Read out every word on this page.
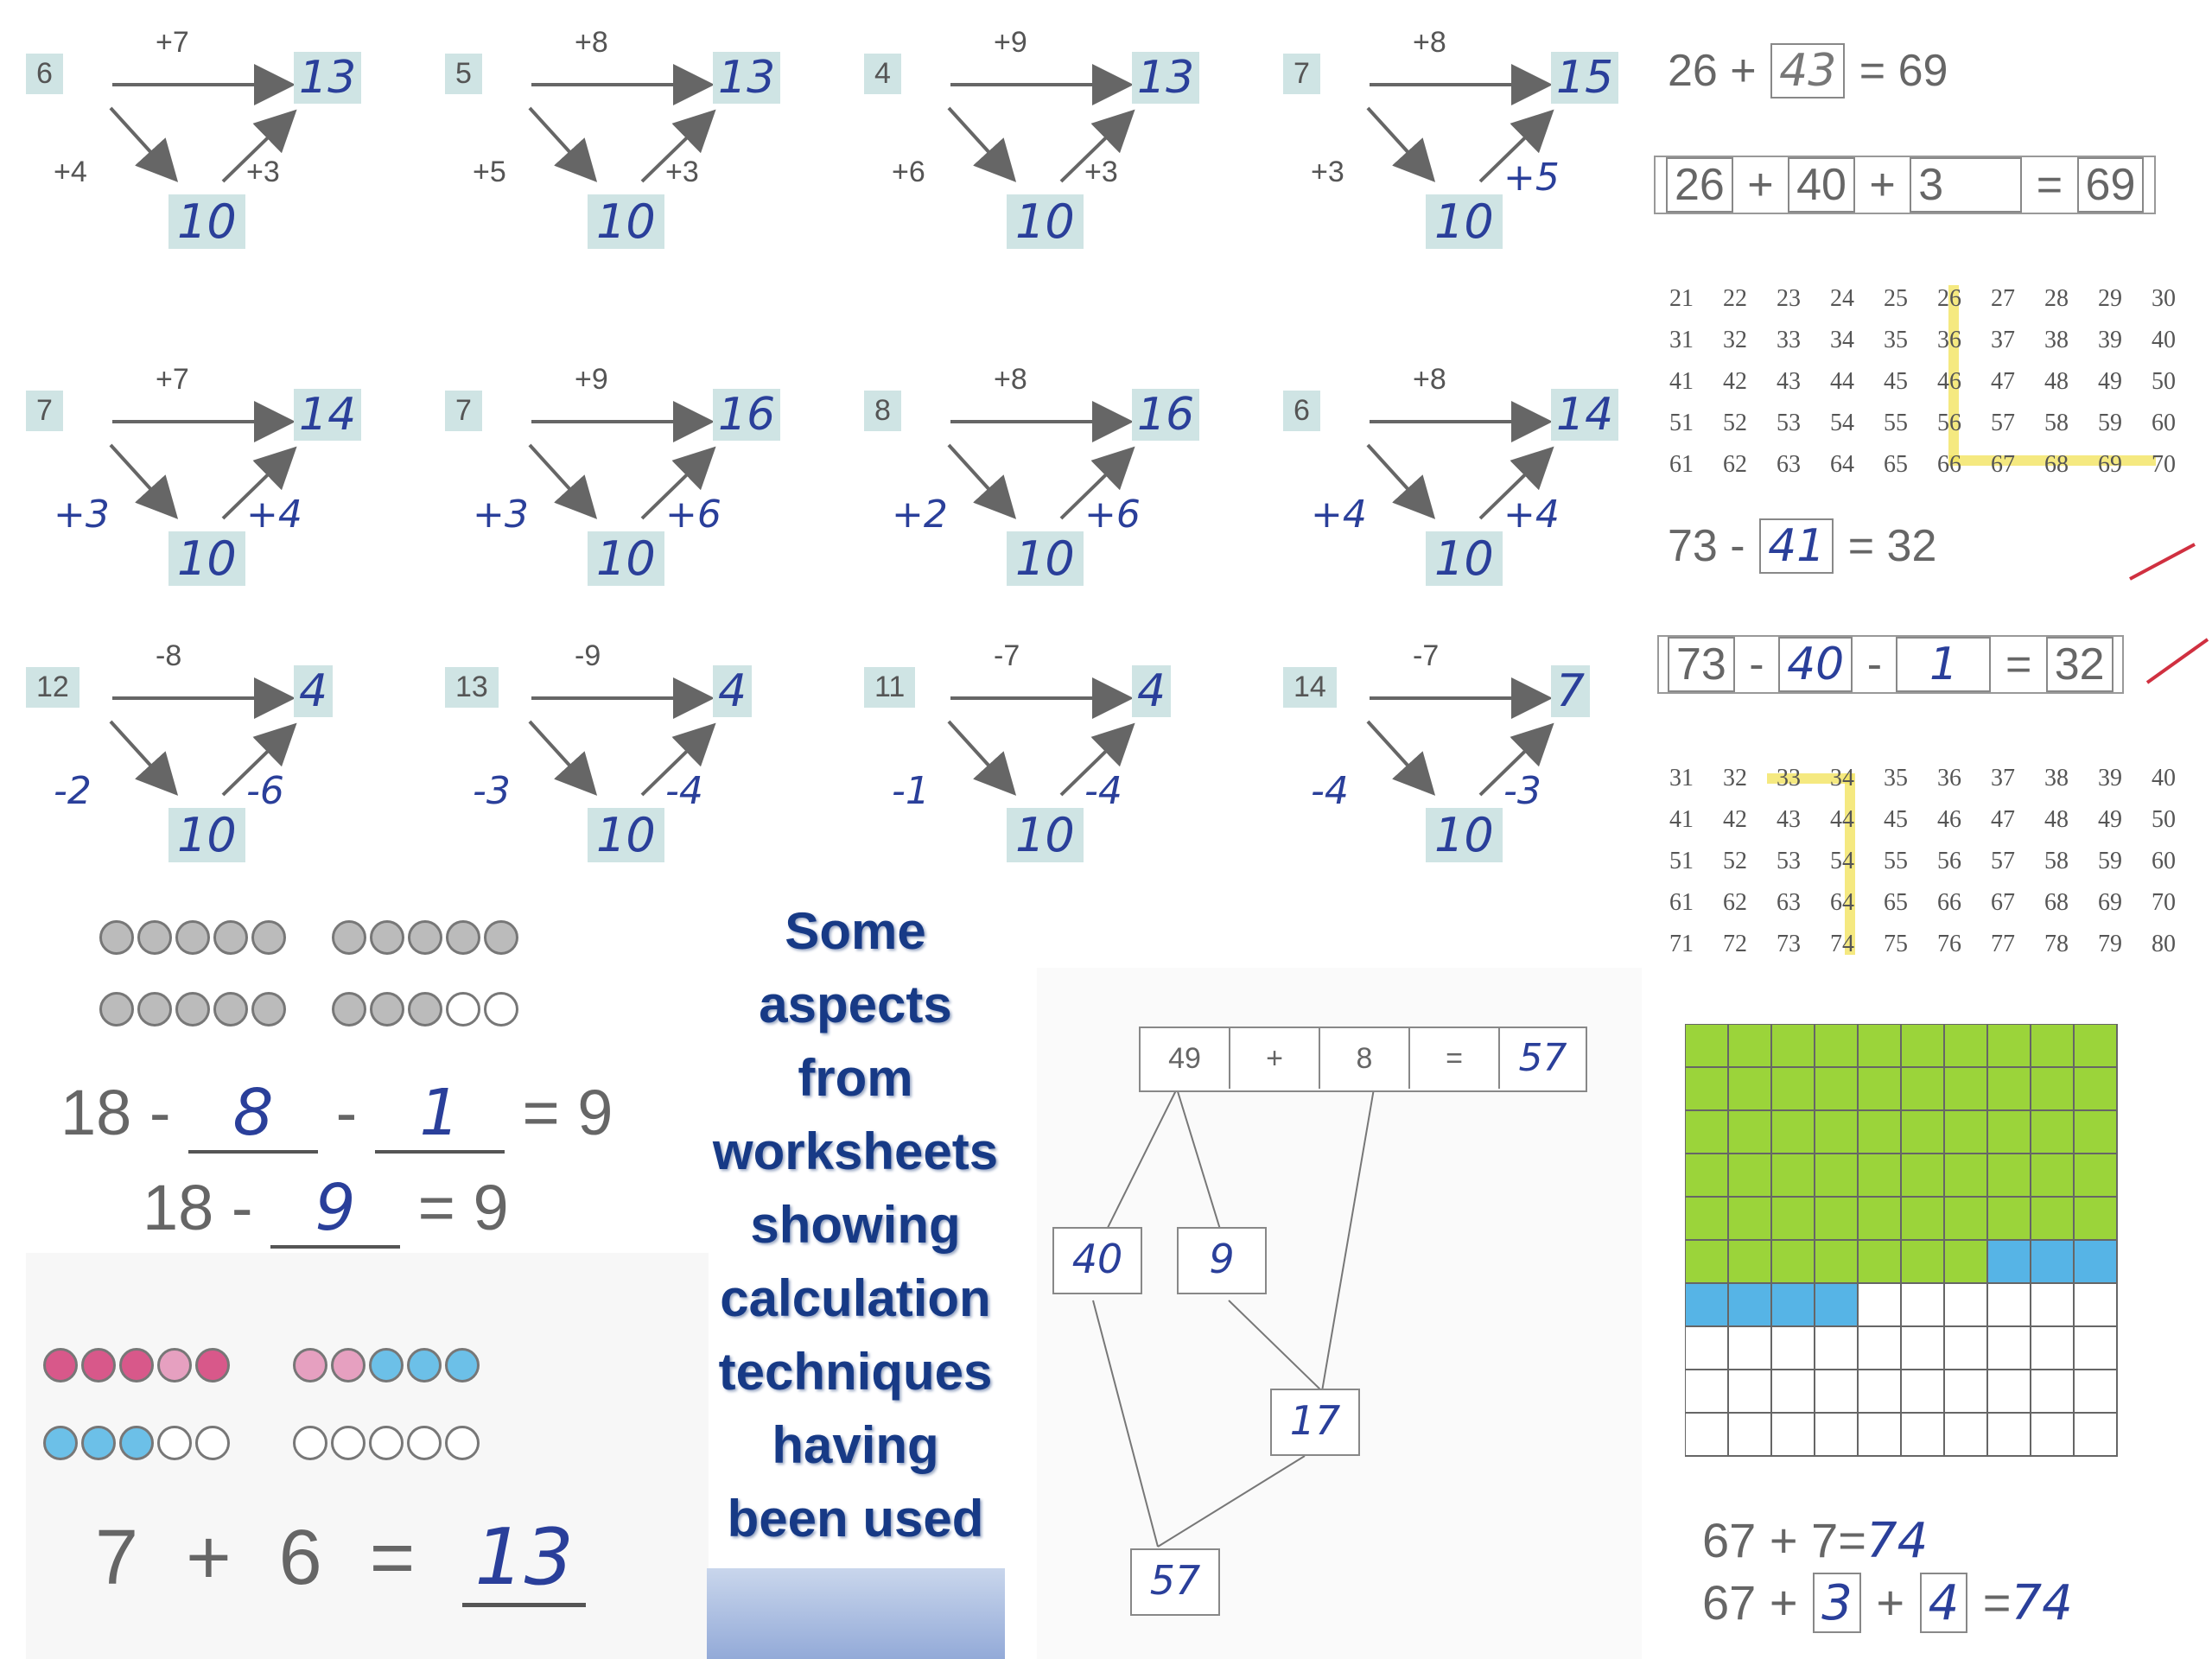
6
+7
13
+4	+3
10
5
+8
13
+5	+3
10
4
+9
13
+6	+3
10
7
+8
15
+3	+5
10
7
+7
14
+3	+4
10
7
+9
16
+3	+6
10
8
+8
16
+2	+6
10
6
+8
14
+4	+4
10
12
-8
4
-2	-6
10
13
-9
4
-3	-4
10
11
-7
4
-1	-4
10
14
-7
7
-4	-3
10
26 + 43 = 69
26 + 40 + 3 = 69
21 22 23 24 25 26 27 28 29 30
31 32 33 34 35 36 37 38 39 40
41 42 43 44 45 46 47 48 49 50
51 52 53 54 55 56 57 58 59 60
61 62 63 64 65 66 67 68 69 70
73 - 41 = 32
73 - 40 - 1 = 32
31 32 33 34 35 36 37 38 39 40
41 42 43 44 45 46 47 48 49 50
51 52 53 54 55 56 57 58 59 60
61 62 63 64 65 66 67 68 69 70
71 72 73 74 75 76 77 78 79 80

18 - 8 - 1 = 9
18 - 9 = 9

7 + 6 = 13
Some
aspects
from
worksheets
showing
calculation
techniques
having
been used
49	+	8	=	57
40	9
17
57
67 + 7=74
67 + 3 + 4 =74
